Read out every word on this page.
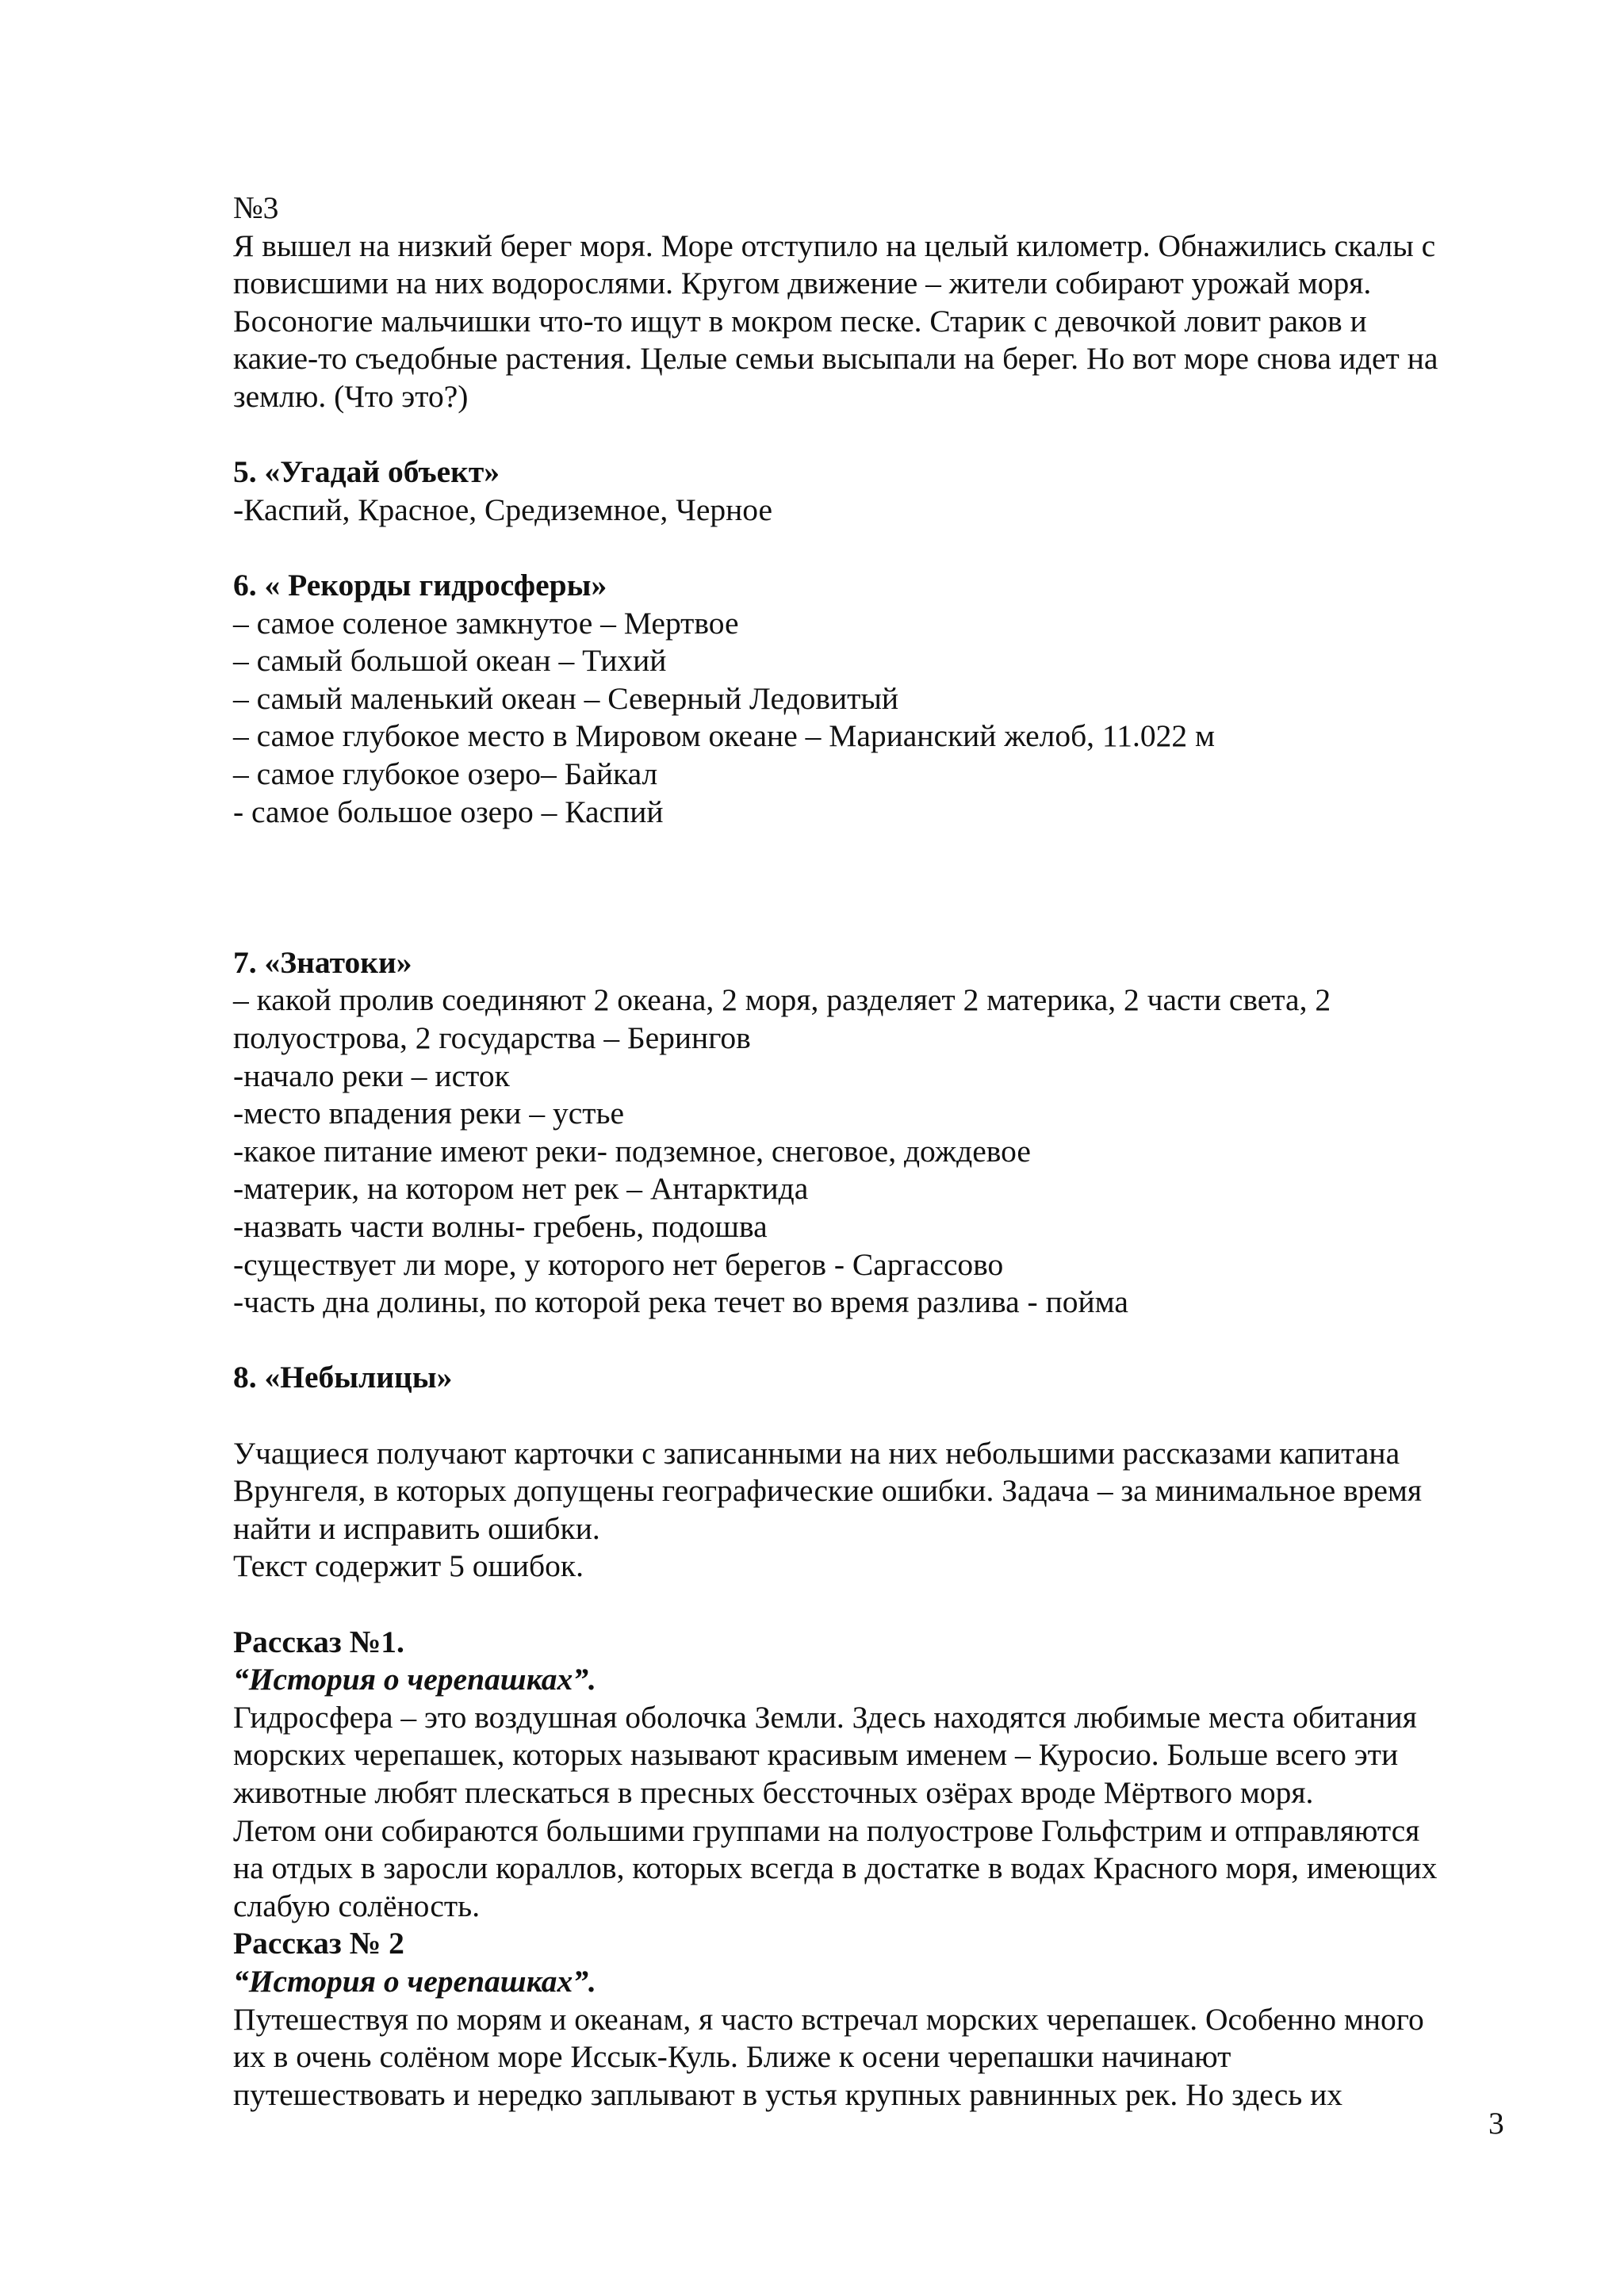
№3
Я вышел на низкий берег моря. Море отступило на целый километр. Обнажились скалы с
повисшими на них водорослями. Кругом движение – жители собирают урожай моря.
Босоногие мальчишки что-то ищут в мокром песке. Старик с девочкой ловит раков и
какие-то съедобные растения. Целые семьи высыпали на берег. Но вот море снова идет на
землю. (Что это?)
5. «Угадай объект»
-Каспий, Красное, Средиземное, Черное
6. « Рекорды гидросферы»
– самое соленое замкнутое – Мертвое
– самый большой океан – Тихий
– самый маленький океан – Северный Ледовитый
– самое глубокое место в Мировом океане – Марианский желоб, 11.022 м
– самое глубокое озеро– Байкал
- самое большое озеро – Каспий
7. «Знатоки»
– какой пролив соединяют 2 океана, 2 моря, разделяет 2 материка, 2 части света, 2
полуострова, 2 государства – Берингов
-начало реки – исток
-место впадения реки – устье
-какое питание имеют реки- подземное, снеговое, дождевое
-материк, на котором нет рек – Антарктида
-назвать части волны- гребень, подошва
-существует ли море, у которого нет берегов - Саргассово
-часть дна долины, по которой река течет во время разлива - пойма
8. «Небылицы»
Учащиеся получают карточки с записанными на них небольшими рассказами капитана
Врунгеля, в которых допущены географические ошибки. Задача – за минимальное время
найти и исправить ошибки.
Текст содержит 5 ошибок.
Рассказ №1.
“История о черепашках”.
Гидросфера – это воздушная оболочка Земли. Здесь находятся любимые места обитания
морских черепашек, которых называют красивым именем – Куросио. Больше всего эти
животные любят плескаться в пресных бессточных озёрах вроде Мёртвого моря.
Летом они собираются большими группами на полуострове Гольфстрим и отправляются
на отдых в заросли кораллов, которых всегда в достатке в водах Красного моря, имеющих
слабую солёность.
Рассказ № 2
“История о черепашках”.
Путешествуя по морям и океанам, я часто встречал морских черепашек. Особенно много
их в очень солёном море Иссык-Куль. Ближе к осени черепашки начинают
путешествовать и нередко заплывают в устья крупных равнинных рек. Но здесь их
3
